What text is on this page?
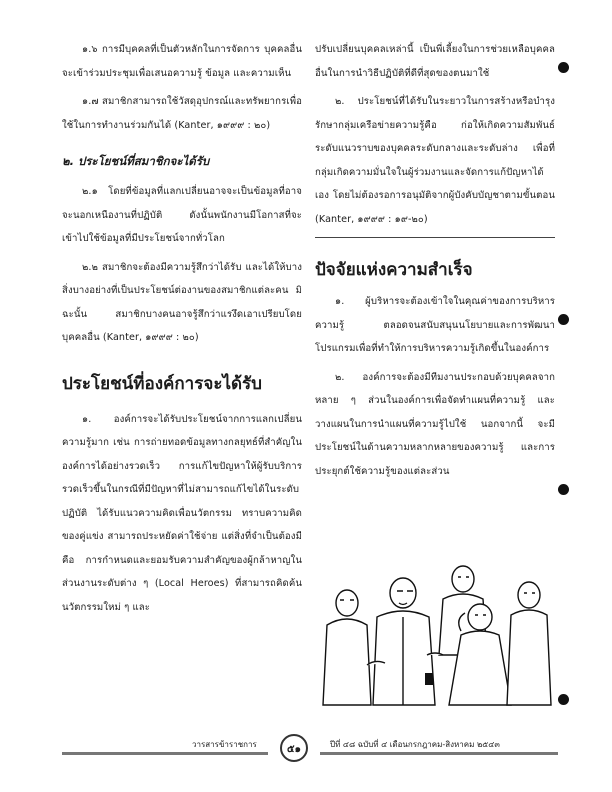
๑.๖ การมีบุคคลที่เป็นตัวหลักในการจัดการ บุคคลอื่นจะเข้าร่วมประชุมเพื่อเสนอความรู้ ข้อมูล และความเห็น

๑.๗ สมาชิกสามารถใช้วัสดุอุปกรณ์และทรัพยากรเพื่อใช้ในการทำงานร่วมกันได้ (Kanter, ๑๙๙๙ : ๒๐)

๒. ประโยชน์ที่สมาชิกจะได้รับ

๒.๑ โดยที่ข้อมูลที่แลกเปลี่ยนอาจจะเป็นข้อมูลที่อาจจะนอกเหนืองานที่ปฏิบัติ ดังนั้นพนักงานมีโอกาสที่จะเข้าไปใช้ข้อมูลที่มีประโยชน์จากทั่วโลก

๒.๒ สมาชิกจะต้องมีความรู้สึกว่าได้รับ และได้ให้บางสิ่งบางอย่างที่เป็นประโยชน์ต่องานของสมาชิกแต่ละคน มิฉะนั้น สมาชิกบางคนอาจรู้สึกว่าแรงึดเอาเปรียบโดยบุคคลอื่น (Kanter, ๑๙๙๙ : ๒๐)

ประโยชน์ที่องค์การจะได้รับ

๑. องค์การจะได้รับประโยชน์จากการแลกเปลี่ยนความรู้มาก เช่น การถ่ายทอดข้อมูลทางกลยุทธ์ที่สำคัญในองค์การได้อย่างรวดเร็ว การแก้ไขปัญหาให้ผู้รับบริการรวดเร็วขึ้นในกรณีที่มีปัญหาที่ไม่สามารถแก้ไขได้ในระดับปฏิบัติ ได้รับแนวความคิดเพื่อนวัตกรรม ทราบความคิดของคู่แข่ง สามารถประหยัดค่าใช้จ่าย แต่สิ่งที่จำเป็นต้องมี คือ การกำหนดและยอมรับความสำคัญของผู้กล้าหาญในส่วนงานระดับต่าง ๆ (Local Heroes) ที่สามารถคิดค้นนวัตกรรมใหม่ ๆ และ

ปรับเปลี่ยนบุคคลเหล่านี้ เป็นพี่เลี้ยงในการช่วยเหลือบุคคลอื่นในการนำวิธีปฏิบัติที่ดีที่สุดของตนมาใช้

๒. ประโยชน์ที่ได้รับในระยาวในการสร้างหรือบำรุงรักษากลุ่มเครือข่ายความรู้คือ ก่อให้เกิดความสัมพันธ์ระดับแนวราบของบุคคลระดับกลางและระดับล่าง เพื่อที่กลุ่มเกิดความมั่นใจในผู้ร่วมงานและจัดการแก้ปัญหาได้เอง โดยไม่ต้องรอการอนุมัติจากผู้บังคับบัญชาตามขั้นตอน (Kanter, ๑๙๙๙ : ๑๙-๒๐)

ปัจจัยแห่งความสำเร็จ

๑. ผู้บริหารจะต้องเข้าใจในคุณค่าของการบริหารความรู้ ตลอดจนสนับสนุนนโยบายและการพัฒนาโปรแกรมเพื่อที่ทำให้การบริหารความรู้เกิดขึ้นในองค์การ

๒. องค์การจะต้องมีทีมงานประกอบด้วยบุคคลจากหลาย ๆ ส่วนในองค์การเพื่อจัดทำแผนที่ความรู้ และวางแผนในการนำแผนที่ความรู้ไปใช้ นอกจากนี้ จะมีประโยชน์ในด้านความหลากหลายของความรู้ และการประยุกต์ใช้ความรู้ของแต่ละส่วน

วารสารข้าราชการ	๕๑	ปีที่ ๔๘ ฉบับที่ ๔ เดือนกรกฎาคม-สิงหาคม ๒๕๔๓
